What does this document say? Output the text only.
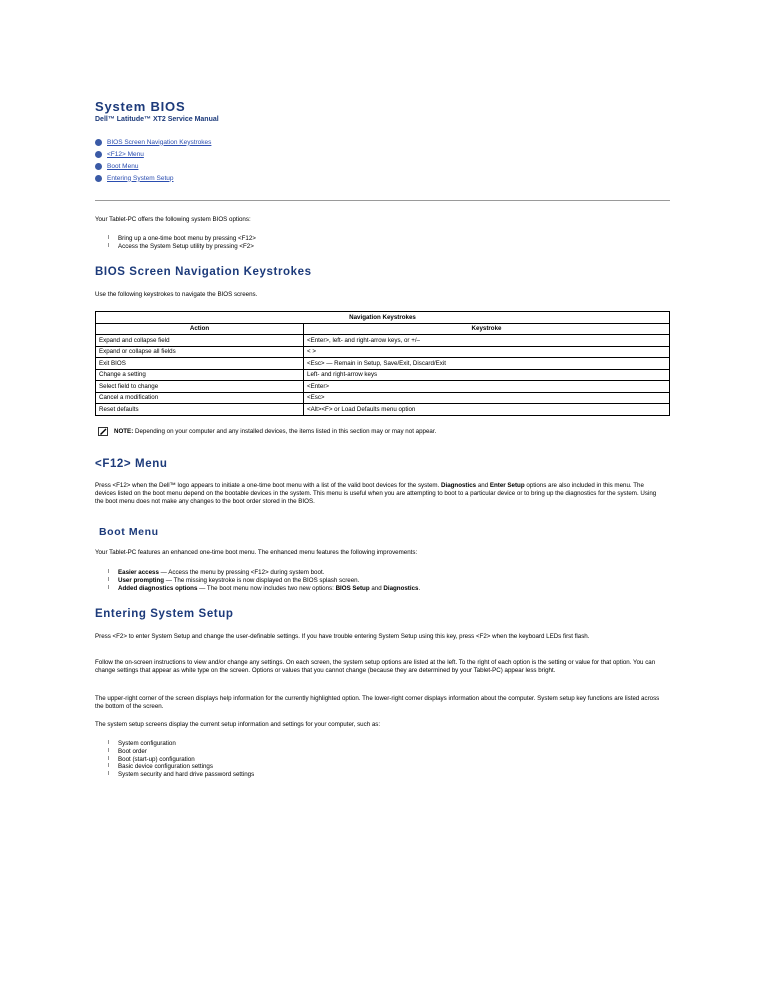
System BIOS
Dell™ Latitude™ XT2 Service Manual
BIOS Screen Navigation Keystrokes
<F12> Menu
Boot Menu
Entering System Setup

Your Tablet-PC offers the following system BIOS options:

l Bring up a one-time boot menu by pressing <F12>
l Access the System Setup utility by pressing <F2>
BIOS Screen Navigation Keystrokes

Use the following keystrokes to navigate the BIOS screens.

Navigation Keystrokes	
Action	Keystroke
Expand and collapse field	<Enter>, left- and right-arrow keys, or +/–
Expand or collapse all fields	< >
Exit BIOS	<Esc> — Remain in Setup, Save/Exit, Discard/Exit
Change a setting	Left- and right-arrow keys
Select field to change	<Enter>
Cancel a modification	<Esc>
Reset defaults	<Alt><F> or Load Defaults menu option
NOTE:
Depending on your computer and any installed devices, the items listed in this section may or may not appear.
<F12> Menu
Press <F12> when the Dell™ logo appears to initiate a one-time boot menu with a list of the valid boot devices for the system. Diagnostics and Enter Setup options are also included in this menu. The devices listed on the boot menu depend on the bootable devices in the system. This menu is useful when you are attempting to boot to a particular device or to bring up the diagnostics for the system. Using the boot menu does not make any changes to the boot order stored in the BIOS.
Boot Menu

Your Tablet-PC features an enhanced one-time boot menu. The enhanced menu features the following improvements:

l Easier access — Access the menu by pressing <F12> during system boot.
l User prompting — The missing keystroke is now displayed on the BIOS splash screen.
l Added diagnostics options — The boot menu now includes two new options: BIOS Setup and Diagnostics.
Entering System Setup

Press <F2> to enter System Setup and change the user-definable settings. If you have trouble entering System Setup using this key, press <F2> when the keyboard LEDs first flash.

Follow the on-screen instructions to view and/or change any settings. On each screen, the system setup options are listed at the left. To the right of each option is the setting or value for that option. You can change settings that appear as white type on the screen. Options or values that you cannot change (because they are determined by your Tablet-PC) appear less bright.

The upper-right corner of the screen displays help information for the currently highlighted option. The lower-right corner displays information about the computer. System setup key functions are listed across the bottom of the screen.

The system setup screens display the current setup information and settings for your computer, such as:

l System configuration
l Boot order
l Boot (start-up) configuration
l Basic device configuration settings
l System security and hard drive password settings
